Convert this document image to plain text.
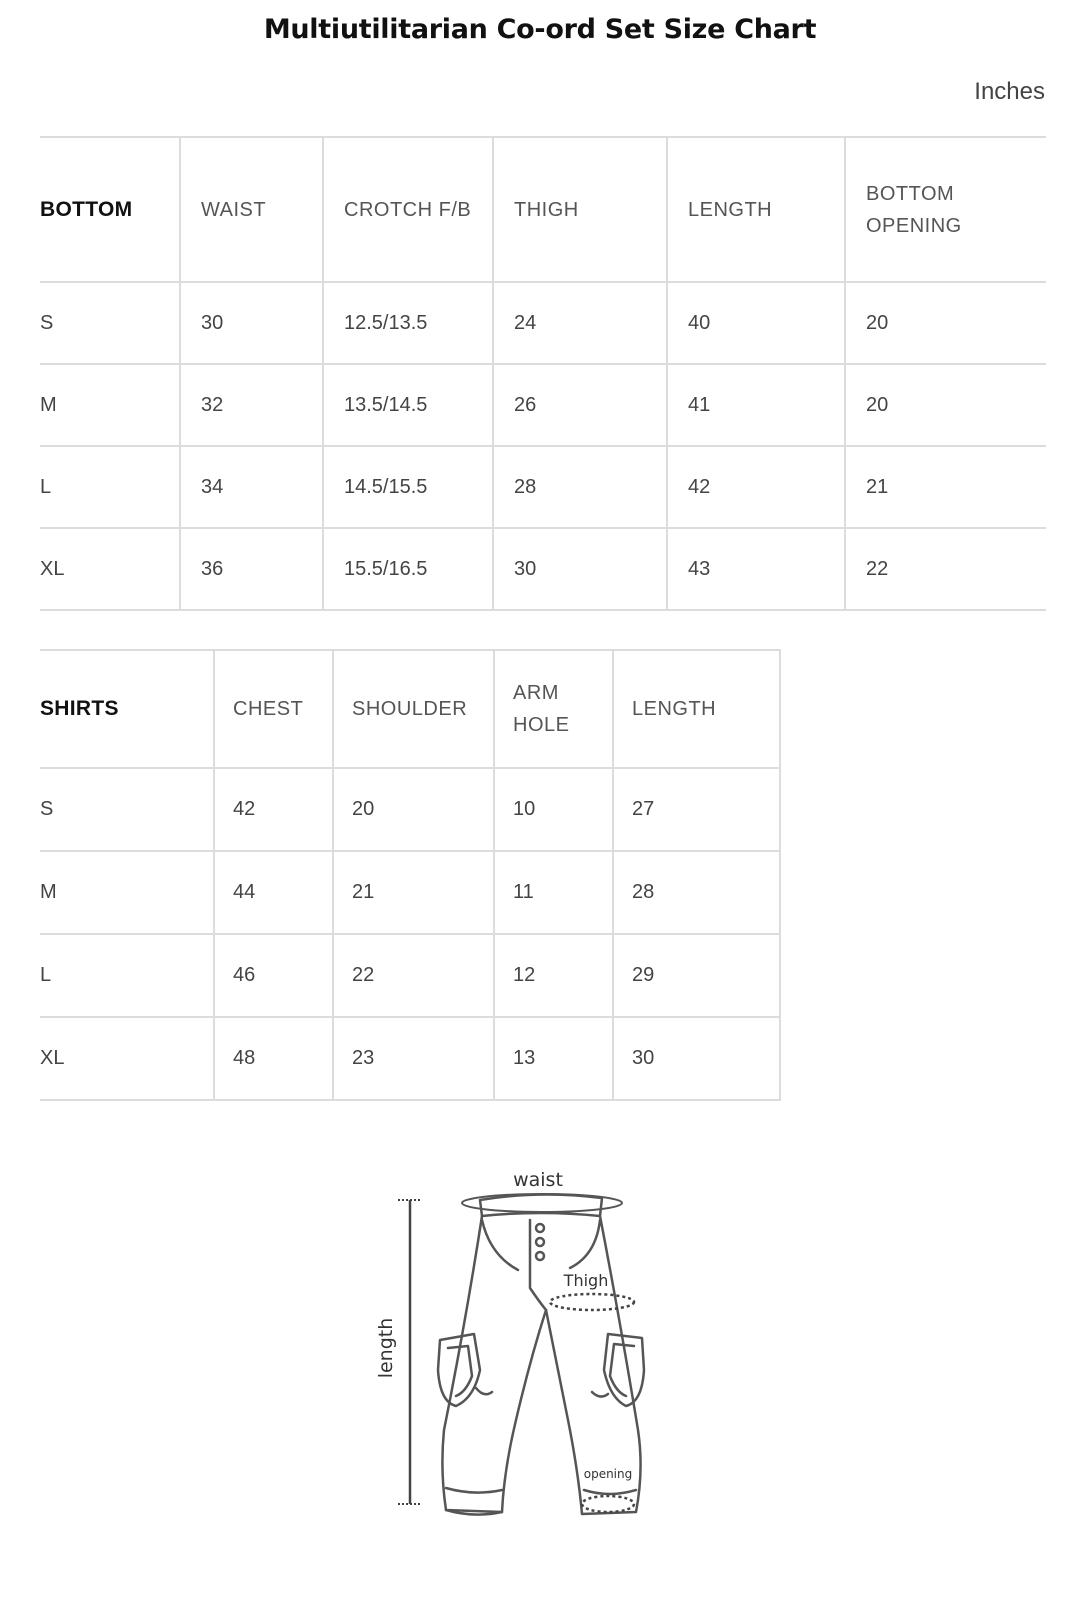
Multiutilitarian Co-ord Set Size Chart
Inches
BOTTOM	WAIST	CROTCH F/B	THIGH	LENGTH	BOTTOM OPENING
S	30	12.5/13.5	24	40	20
M	32	13.5/14.5	26	41	20
L	34	14.5/15.5	28	42	21
XL	36	15.5/16.5	30	43	22
SHIRTS	CHEST	SHOULDER	ARM HOLE	LENGTH
S	42	20	10	27
M	44	21	11	28
L	46	22	12	29
XL	48	23	13	30
waist
Thigh
opening
length
